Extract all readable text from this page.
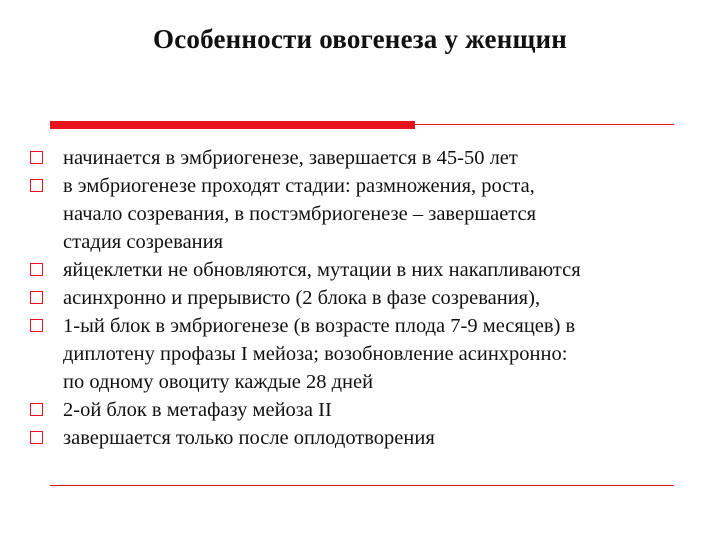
Особенности овогенеза у женщин
начинается в эмбриогенезе, завершается в 45-50 лет
в эмбриогенезе проходят стадии: размножения, роста,
начало созревания, в постэмбриогенезе – завершается
стадия созревания
яйцеклетки не обновляются, мутации в них накапливаются
асинхронно и прерывисто (2 блока в фазе созревания),
1-ый блок в эмбриогенезе (в возрасте плода 7-9 месяцев) в
диплотену профазы I мейоза; возобновление асинхронно:
по одному овоциту каждые 28 дней
2-ой блок в метафазу мейоза II
завершается только после оплодотворения
